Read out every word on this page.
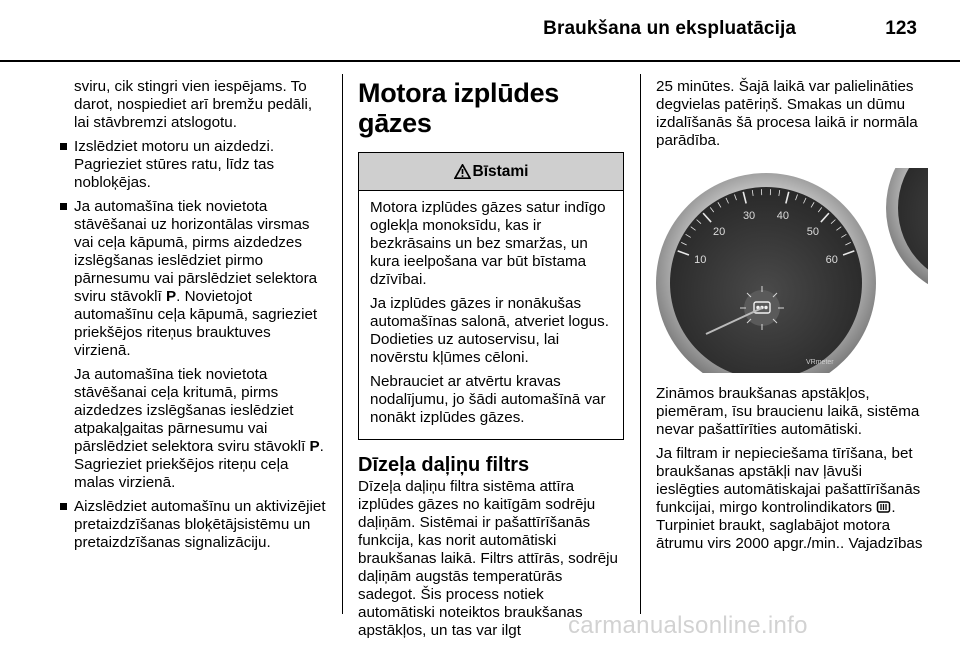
Braukšana un ekspluatācija	123

sviru, cik stingri vien iespējams. To darot, nospiediet arī bremžu pedāli, lai stāvbremzi atslogotu.

Izslēdziet motoru un aizdedzi. Pagrieziet stūres ratu, līdz tas nobloķējas.

Ja automašīna tiek novietota stāvēšanai uz horizontālas virsmas vai ceļa kāpumā, pirms aizdedzes izslēgšanas ieslēdziet pirmo pārnesumu vai pārslēdziet selektora sviru stāvoklī P. Novietojot automašīnu ceļa kāpumā, sagrieziet priekšējos riteņus brauktuves virzienā.

Ja automašīna tiek novietota stāvēšanai ceļa kritumā, pirms aizdedzes izslēgšanas ieslēdziet atpakaļgaitas pārnesumu vai pārslēdziet selektora sviru stāvoklī P. Sagrieziet priekšējos riteņu ceļa malas virzienā.

Aizslēdziet automašīnu un aktivizējiet pretaizdzīšanas bloķētājsistēmu un pretaizdzīšanas signalizāciju.
Motora izplūdes gāzes
Bīstami

Motora izplūdes gāzes satur indīgo oglekļa monoksīdu, kas ir bezkrāsains un bez smaržas, un kura ieelpošana var būt bīstama dzīvībai.

Ja izplūdes gāzes ir nonākušas automašīnas salonā, atveriet logus. Dodieties uz autoservisu, lai novērstu kļūmes cēloni.

Nebrauciet ar atvērtu kravas nodalījumu, jo šādi automašīnā var nonākt izplūdes gāzes.

Dīzeļa daļiņu filtrs

Dīzeļa daļiņu filtra sistēma attīra izplūdes gāzes no kaitīgām sodrēju daļiņām. Sistēmai ir pašattīrīšanās funkcija, kas norit automātiski braukšanas laikā. Filtrs attīrās, sodrēju daļiņām augstās temperatūrās sadegot. Šis process notiek automātiski noteiktos braukšanas apstākļos, un tas var ilgt

25 minūtes. Šajā laikā var palielināties degvielas patēriņš. Smakas un dūmu izdalīšanās šā procesa laikā ir normāla parādība.

10
20
30 40
50
60
VRmeter

Zināmos braukšanas apstākļos, piemēram, īsu braucienu laikā, sistēma nevar pašattīrīties automātiski.

Ja filtram ir nepieciešama tīrīšana, bet braukšanas apstākļi nav ļāvuši ieslēgties automātiskajai pašattīrīšanās funkcijai, mirgo kontrolindikators . Turpiniet braukt, saglabājot motora ātrumu virs 2000 apgr./min.. Vajadzības

carmanualsonline.info
